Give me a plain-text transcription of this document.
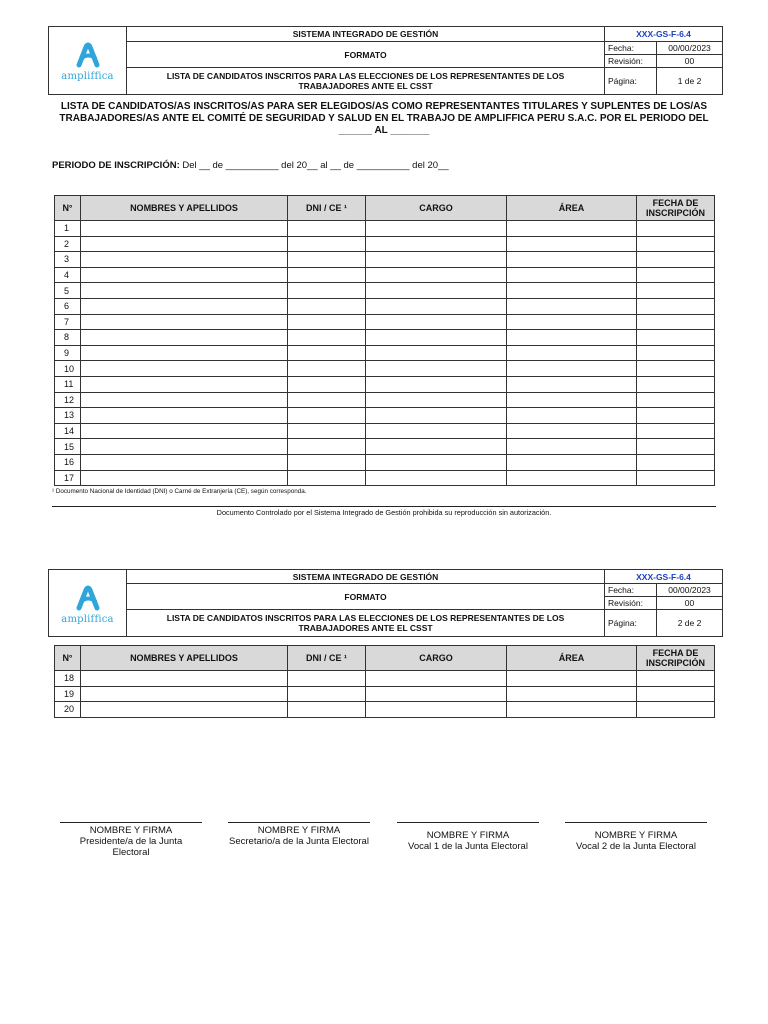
ampliffica	SISTEMA INTEGRADO DE GESTIÓN	XXX-GS-F-6.4	
	FORMATO	Fecha:	00/00/2023
		Revisión:	00
	LISTA DE CANDIDATOS INSCRITOS PARA LAS ELECCIONES DE LOS REPRESENTANTES DE LOS TRABAJADORES ANTE EL CSST	Página:	1 de 2
LISTA DE CANDIDATOS/AS INSCRITOS/AS PARA SER ELEGIDOS/AS COMO REPRESENTANTES TITULARES Y SUPLENTES DE LOS/AS TRABAJADORES/AS ANTE EL COMITÉ DE SEGURIDAD Y SALUD EN EL TRABAJO DE AMPLIFFICA PERU S.A.C. POR EL PERIODO DEL ______ AL _______
PERIODO DE INSCRIPCIÓN: Del __ de __________ del 20__ al __ de __________ del 20__
N°	NOMBRES Y APELLIDOS	DNI / CE ¹	CARGO	ÁREA	FECHA DE INSCRIPCIÓN
1					
2					
3					
4					
5					
6					
7					
8					
9					
10					
11					
12					
13					
14					
15					
16					
17					
¹ Documento Nacional de Identidad (DNI) o Carné de Extranjería (CE), según corresponda.
Documento Controlado por el Sistema Integrado de Gestión prohibida su reproducción sin autorización.
ampliffica	SISTEMA INTEGRADO DE GESTIÓN	XXX-GS-F-6.4	
	FORMATO	Fecha:	00/00/2023
		Revisión:	00
	LISTA DE CANDIDATOS INSCRITOS PARA LAS ELECCIONES DE LOS REPRESENTANTES DE LOS TRABAJADORES ANTE EL CSST	Página:	2 de 2
N°	NOMBRES Y APELLIDOS	DNI / CE ¹	CARGO	ÁREA	FECHA DE INSCRIPCIÓN
18					
19					
20					
NOMBRE Y FIRMA
Presidente/a de la Junta Electoral
NOMBRE Y FIRMA
Secretario/a de la Junta Electoral
NOMBRE Y FIRMA
Vocal 1 de la Junta Electoral
NOMBRE Y FIRMA
Vocal 2 de la Junta Electoral
